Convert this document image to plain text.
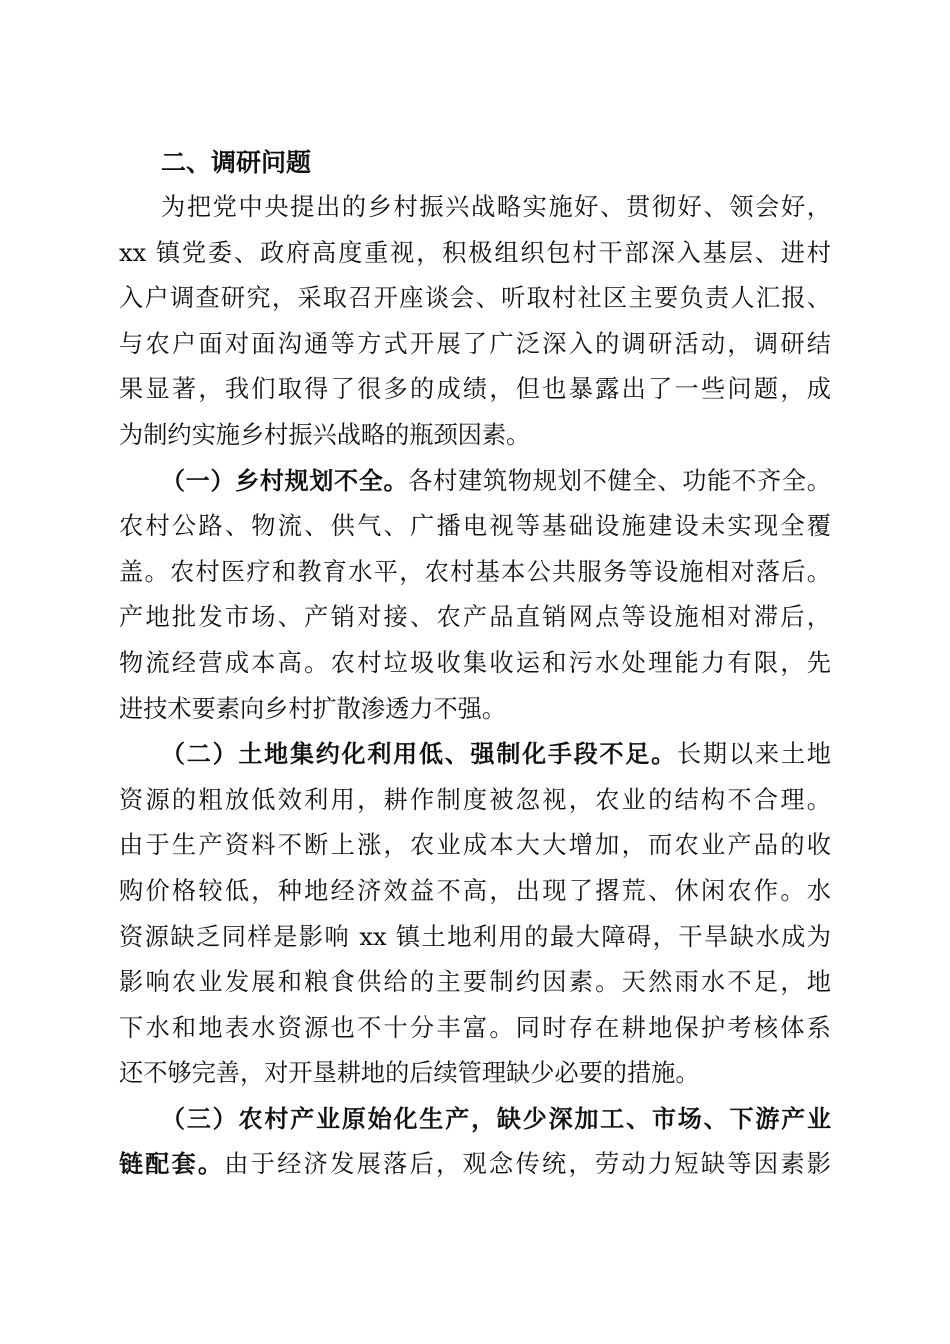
二、调研问题

为把党中央提出的乡村振兴战略实施好、贯彻好、领会好，
xx 镇党委、政府高度重视，积极组织包村干部深入基层、进村
入户调查研究，采取召开座谈会、听取村社区主要负责人汇报、
与农户面对面沟通等方式开展了广泛深入的调研活动，调研结
果显著，我们取得了很多的成绩，但也暴露出了一些问题，成
为制约实施乡村振兴战略的瓶颈因素。

（一）乡村规划不全。各村建筑物规划不健全、功能不齐全。
农村公路、物流、供气、广播电视等基础设施建设未实现全覆
盖。农村医疗和教育水平，农村基本公共服务等设施相对落后。
产地批发市场、产销对接、农产品直销网点等设施相对滞后，
物流经营成本高。农村垃圾收集收运和污水处理能力有限，先
进技术要素向乡村扩散渗透力不强。

（二）土地集约化利用低、强制化手段不足。长期以来土地
资源的粗放低效利用，耕作制度被忽视，农业的结构不合理。
由于生产资料不断上涨，农业成本大大增加，而农业产品的收
购价格较低，种地经济效益不高，出现了撂荒、休闲农作。水
资源缺乏同样是影响 xx 镇土地利用的最大障碍，干旱缺水成为
影响农业发展和粮食供给的主要制约因素。天然雨水不足，地
下水和地表水资源也不十分丰富。同时存在耕地保护考核体系
还不够完善，对开垦耕地的后续管理缺少必要的措施。

（三）农村产业原始化生产，缺少深加工、市场、下游产业
链配套。由于经济发展落后，观念传统，劳动力短缺等因素影
